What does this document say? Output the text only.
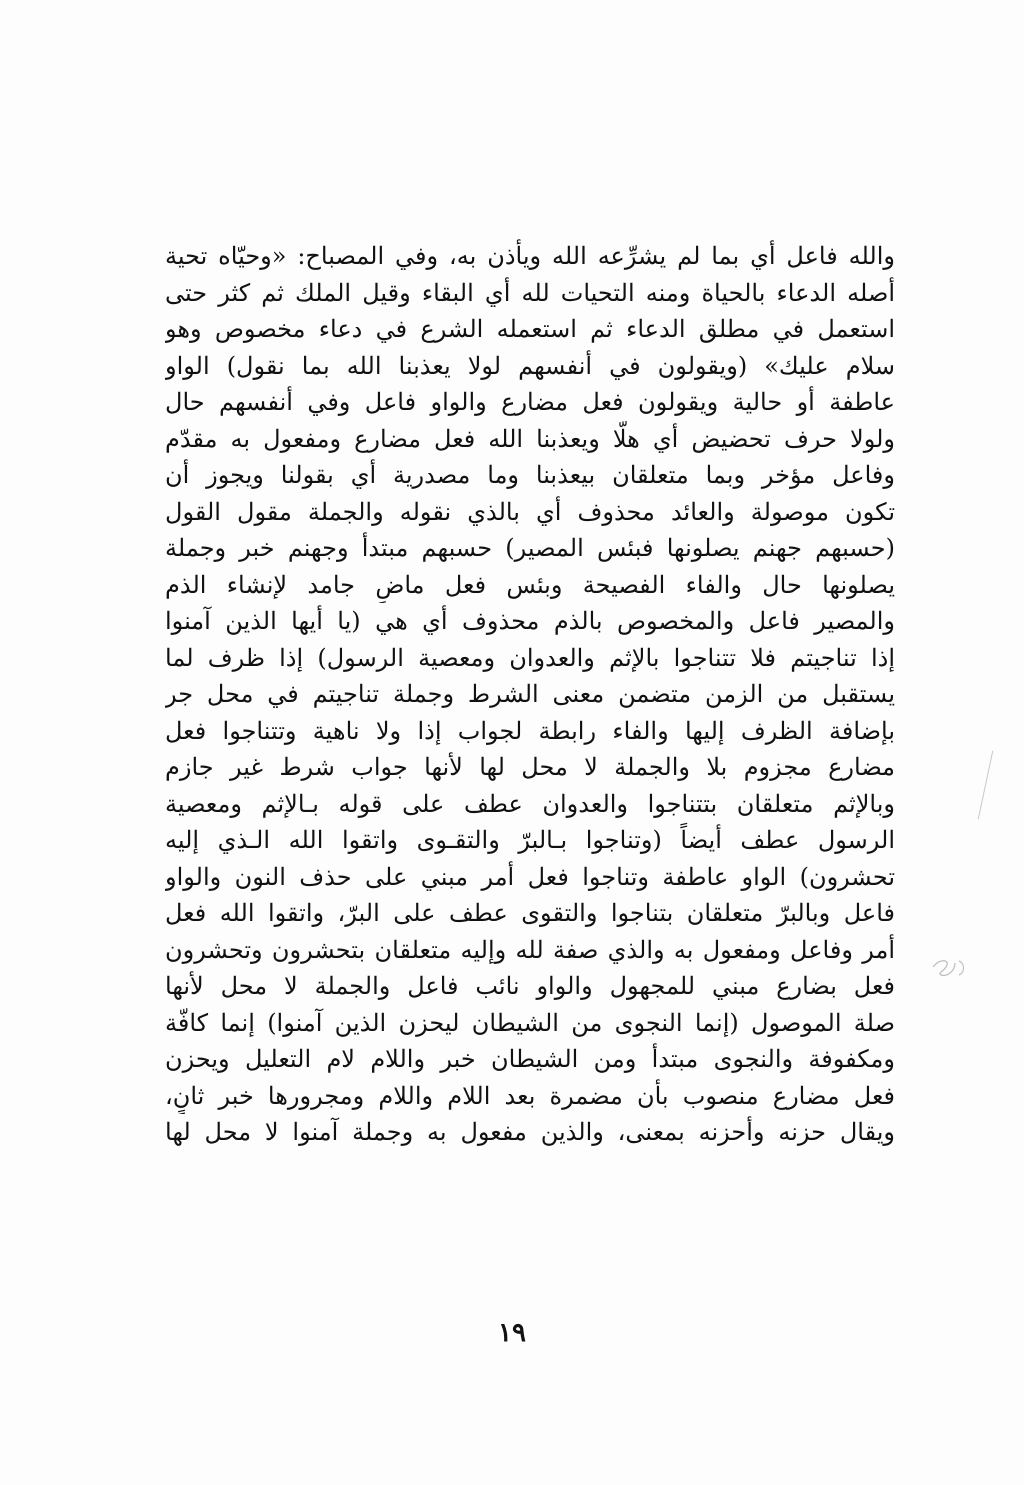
والله فاعل أي بما لم يشرِّعه الله ويأذن به، وفي المصباح: «وحيّاه تحية
أصله الدعاء بالحياة ومنه التحيات لله أي البقاء وقيل الملك ثم كثر حتى
استعمل في مطلق الدعاء ثم استعمله الشرع في دعاء مخصوص وهو
سلام عليك» (ويقولون في أنفسهم لولا يعذبنا الله بما نقول) الواو
عاطفة أو حالية ويقولون فعل مضارع والواو فاعل وفي أنفسهم حال
ولولا حرف تحضيض أي هلّا ويعذبنا الله فعل مضارع ومفعول به مقدّم
وفاعل مؤخر وبما متعلقان بيعذبنا وما مصدرية أي بقولنا ويجوز أن
تكون موصولة والعائد محذوف أي بالذي نقوله والجملة مقول القول
(حسبهم جهنم يصلونها فبئس المصير) حسبهم مبتدأ وجهنم خبر وجملة
يصلونها حال والفاء الفصيحة وبئس فعل ماضٍ جامد لإنشاء الذم
والمصير فاعل والمخصوص بالذم محذوف أي هي (يا أيها الذين آمنوا
إذا تناجيتم فلا تتناجوا بالإثم والعدوان ومعصية الرسول) إذا ظرف لما
يستقبل من الزمن متضمن معنى الشرط وجملة تناجيتم في محل جر
بإضافة الظرف إليها والفاء رابطة لجواب إذا ولا ناهية وتتناجوا فعل
مضارع مجزوم بلا والجملة لا محل لها لأنها جواب شرط غير جازم
وبالإثم متعلقان بتتناجوا والعدوان عطف على قوله بـالإثم ومعصية
الرسول عطف أيضاً (وتناجوا بـالبرّ والتقـوى واتقوا الله الـذي إليه
تحشرون) الواو عاطفة وتناجوا فعل أمر مبني على حذف النون والواو
فاعل وبالبرّ متعلقان بتناجوا والتقوى عطف على البرّ، واتقوا الله فعل
أمر وفاعل ومفعول به والذي صفة لله وإليه متعلقان بتحشرون وتحشرون
فعل بضارع مبني للمجهول والواو نائب فاعل والجملة لا محل لأنها
صلة الموصول (إنما النجوى من الشيطان ليحزن الذين آمنوا) إنما كافّة
ومكفوفة والنجوى مبتدأ ومن الشيطان خبر واللام لام التعليل ويحزن
فعل مضارع منصوب بأن مضمرة بعد اللام واللام ومجرورها خبر ثانٍ،
ويقال حزنه وأحزنه بمعنى، والذين مفعول به وجملة آمنوا لا محل لها
١٩
